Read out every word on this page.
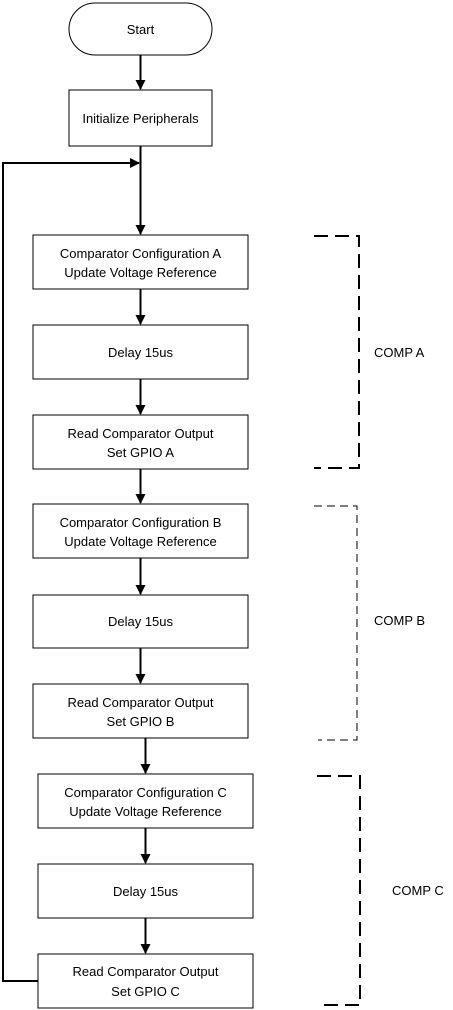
Start
Initialize Peripherals
Comparator Configuration A
Update Voltage Reference
Delay 15us
Read Comparator Output
Set GPIO A
Comparator Configuration B
Update Voltage Reference
Delay 15us
Read Comparator Output
Set GPIO B
Comparator Configuration C
Update Voltage Reference
Delay 15us
Read Comparator Output
Set GPIO C
COMP A
COMP B
COMP C
